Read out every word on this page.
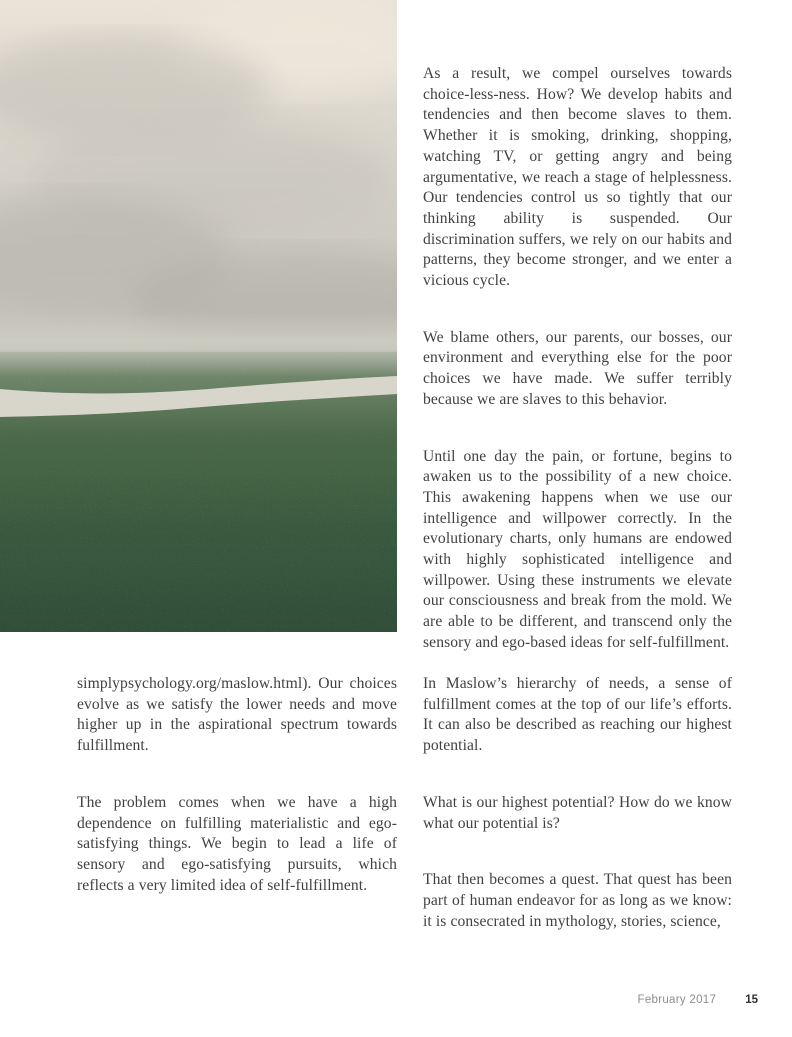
As a result, we compel ourselves towards choice-less-ness. How? We develop habits and tendencies and then become slaves to them. Whether it is smoking, drinking, shopping, watching TV, or getting angry and being argumentative, we reach a stage of helplessness. Our tendencies control us so tightly that our thinking ability is suspended. Our discrimination suffers, we rely on our habits and patterns, they become stronger, and we enter a vicious cycle.

We blame others, our parents, our bosses, our environment and everything else for the poor choices we have made. We suffer terribly because we are slaves to this behavior.

Until one day the pain, or fortune, begins to awaken us to the possibility of a new choice. This awakening happens when we use our intelligence and willpower correctly. In the evolutionary charts, only humans are endowed with highly sophisticated intelligence and willpower. Using these instruments we elevate our consciousness and break from the mold. We are able to be different, and transcend only the sensory and ego-based ideas for self-fulfillment.

simplypsychology.org/maslow.html). Our choices evolve as we satisfy the lower needs and move higher up in the aspirational spectrum towards fulfillment.

The problem comes when we have a high dependence on fulfilling materialistic and ego-satisfying things. We begin to lead a life of sensory and ego-satisfying pursuits, which reflects a very limited idea of self-fulfillment.

In Maslow’s hierarchy of needs, a sense of fulfillment comes at the top of our life’s efforts. It can also be described as reaching our highest potential.

What is our highest potential? How do we know what our potential is?

That then becomes a quest. That quest has been part of human endeavor for as long as we know: it is consecrated in mythology, stories, science,

February 2017	15
